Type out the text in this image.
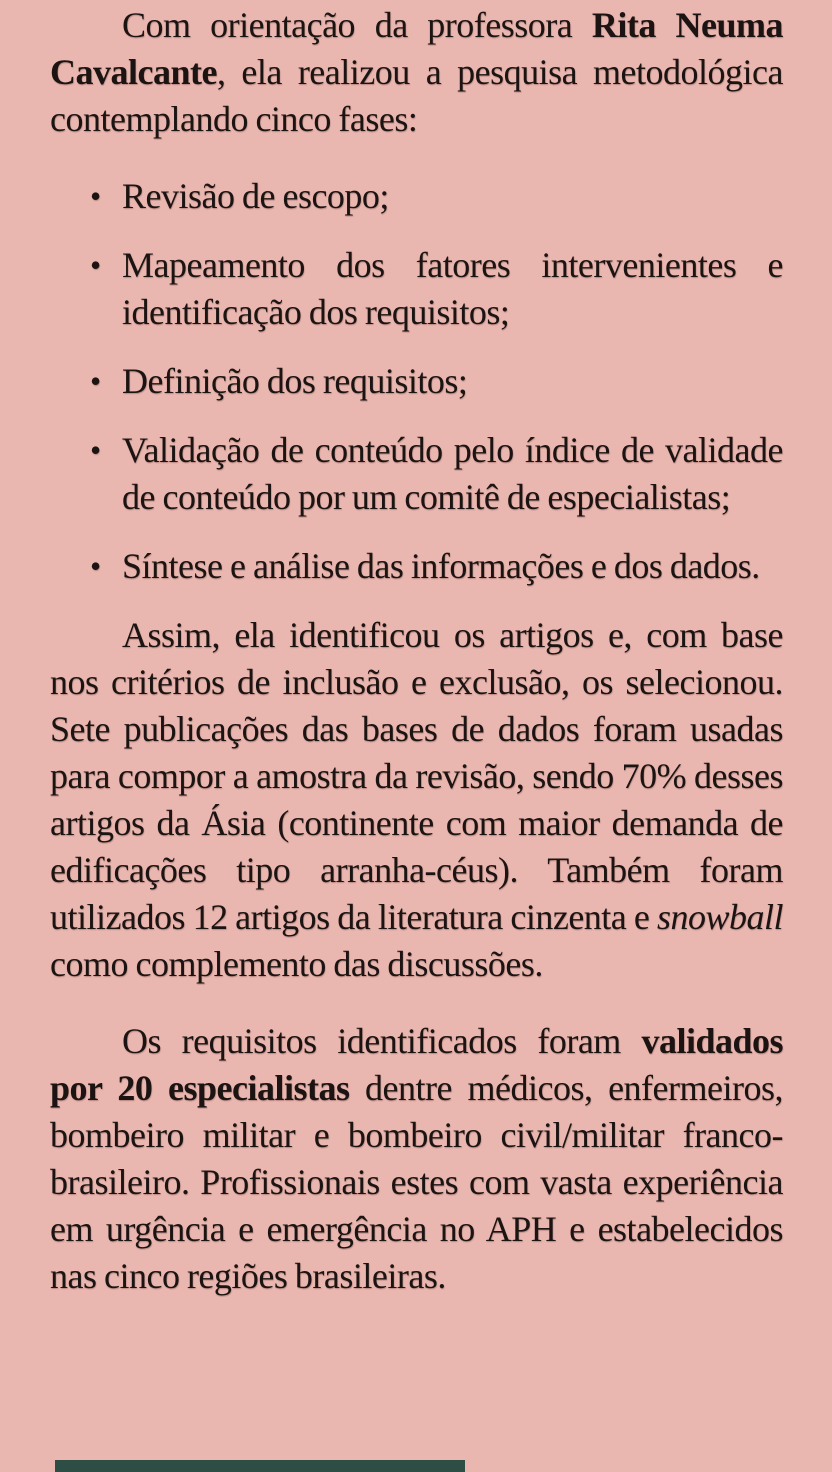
Com orientação da professora Rita Neuma Cavalcante, ela realizou a pesquisa metodológica contemplando cinco fases:

• Revisão de escopo;
• Mapeamento dos fatores intervenientes e identificação dos requisitos;
• Definição dos requisitos;
• Validação de conteúdo pelo índice de validade de conteúdo por um comitê de especialistas;
• Síntese e análise das informações e dos dados.

Assim, ela identificou os artigos e, com base nos critérios de inclusão e exclusão, os selecionou. Sete publicações das bases de dados foram usadas para compor a amostra da revisão, sendo 70% desses artigos da Ásia (continente com maior demanda de edificações tipo arranha-céus). Também foram utilizados 12 artigos da literatura cinzenta e snowball como complemento das discussões.

Os requisitos identificados foram validados por 20 especialistas dentre médicos, enfermeiros, bombeiro militar e bombeiro civil/militar franco-brasileiro. Profissionais estes com vasta experiência em urgência e emergência no APH e estabelecidos nas cinco regiões brasileiras.
